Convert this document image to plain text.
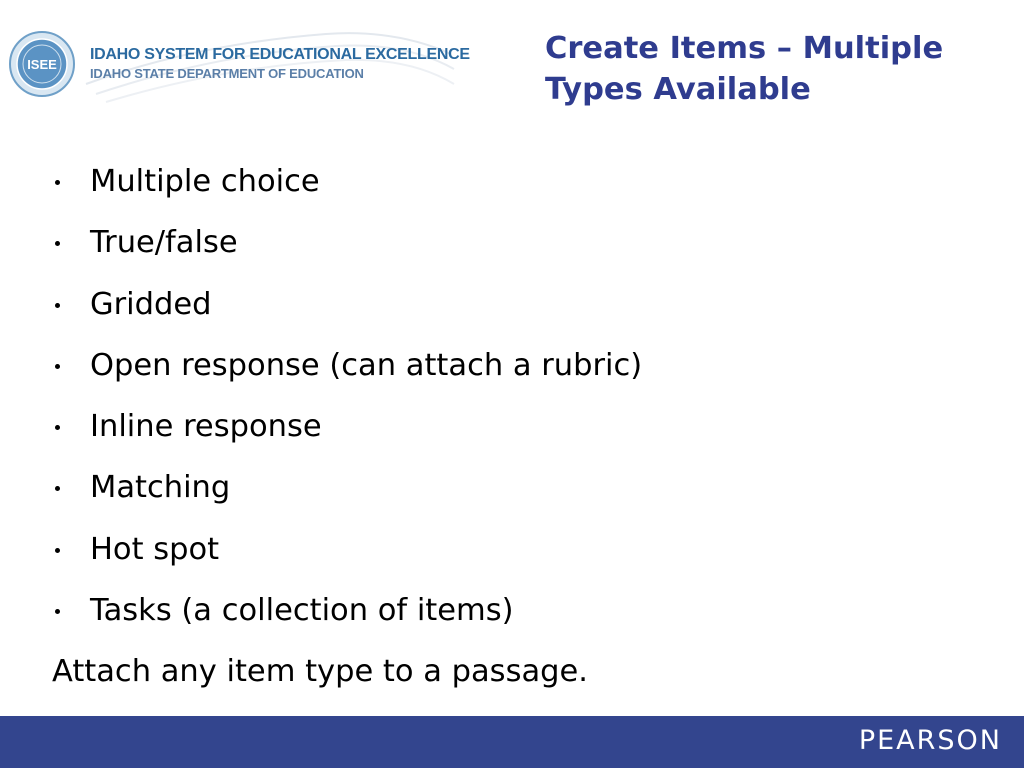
ISEE
IDAHO SYSTEM FOR EDUCATIONAL EXCELLENCE
IDAHO STATE DEPARTMENT OF EDUCATION
Create Items – Multiple
Types Available
Multiple choice
True/false
Gridded
Open response (can attach a rubric)
Inline response
Matching
Hot spot
Tasks (a collection of items)

Attach any item type to a passage.

PEARSON
